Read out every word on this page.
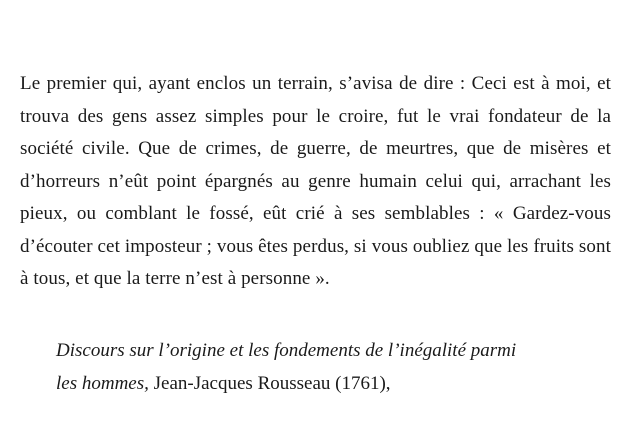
Le premier qui, ayant enclos un terrain, s’avisa de dire : Ceci est à moi, et trouva des gens assez simples pour le croire, fut le vrai fondateur de la société civile. Que de crimes, de guerre, de meurtres, que de misères et d’horreurs n’eût point épargnés au genre humain celui qui, arrachant les pieux, ou comblant le fossé, eût crié à ses semblables : « Gardez-vous d’écouter cet imposteur ; vous êtes perdus, si vous oubliez que les fruits sont à tous, et que la terre n’est à personne ».

Discours sur l’origine et les fondements de l’inégalité parmi
les hommes, Jean-Jacques Rousseau (1761),
